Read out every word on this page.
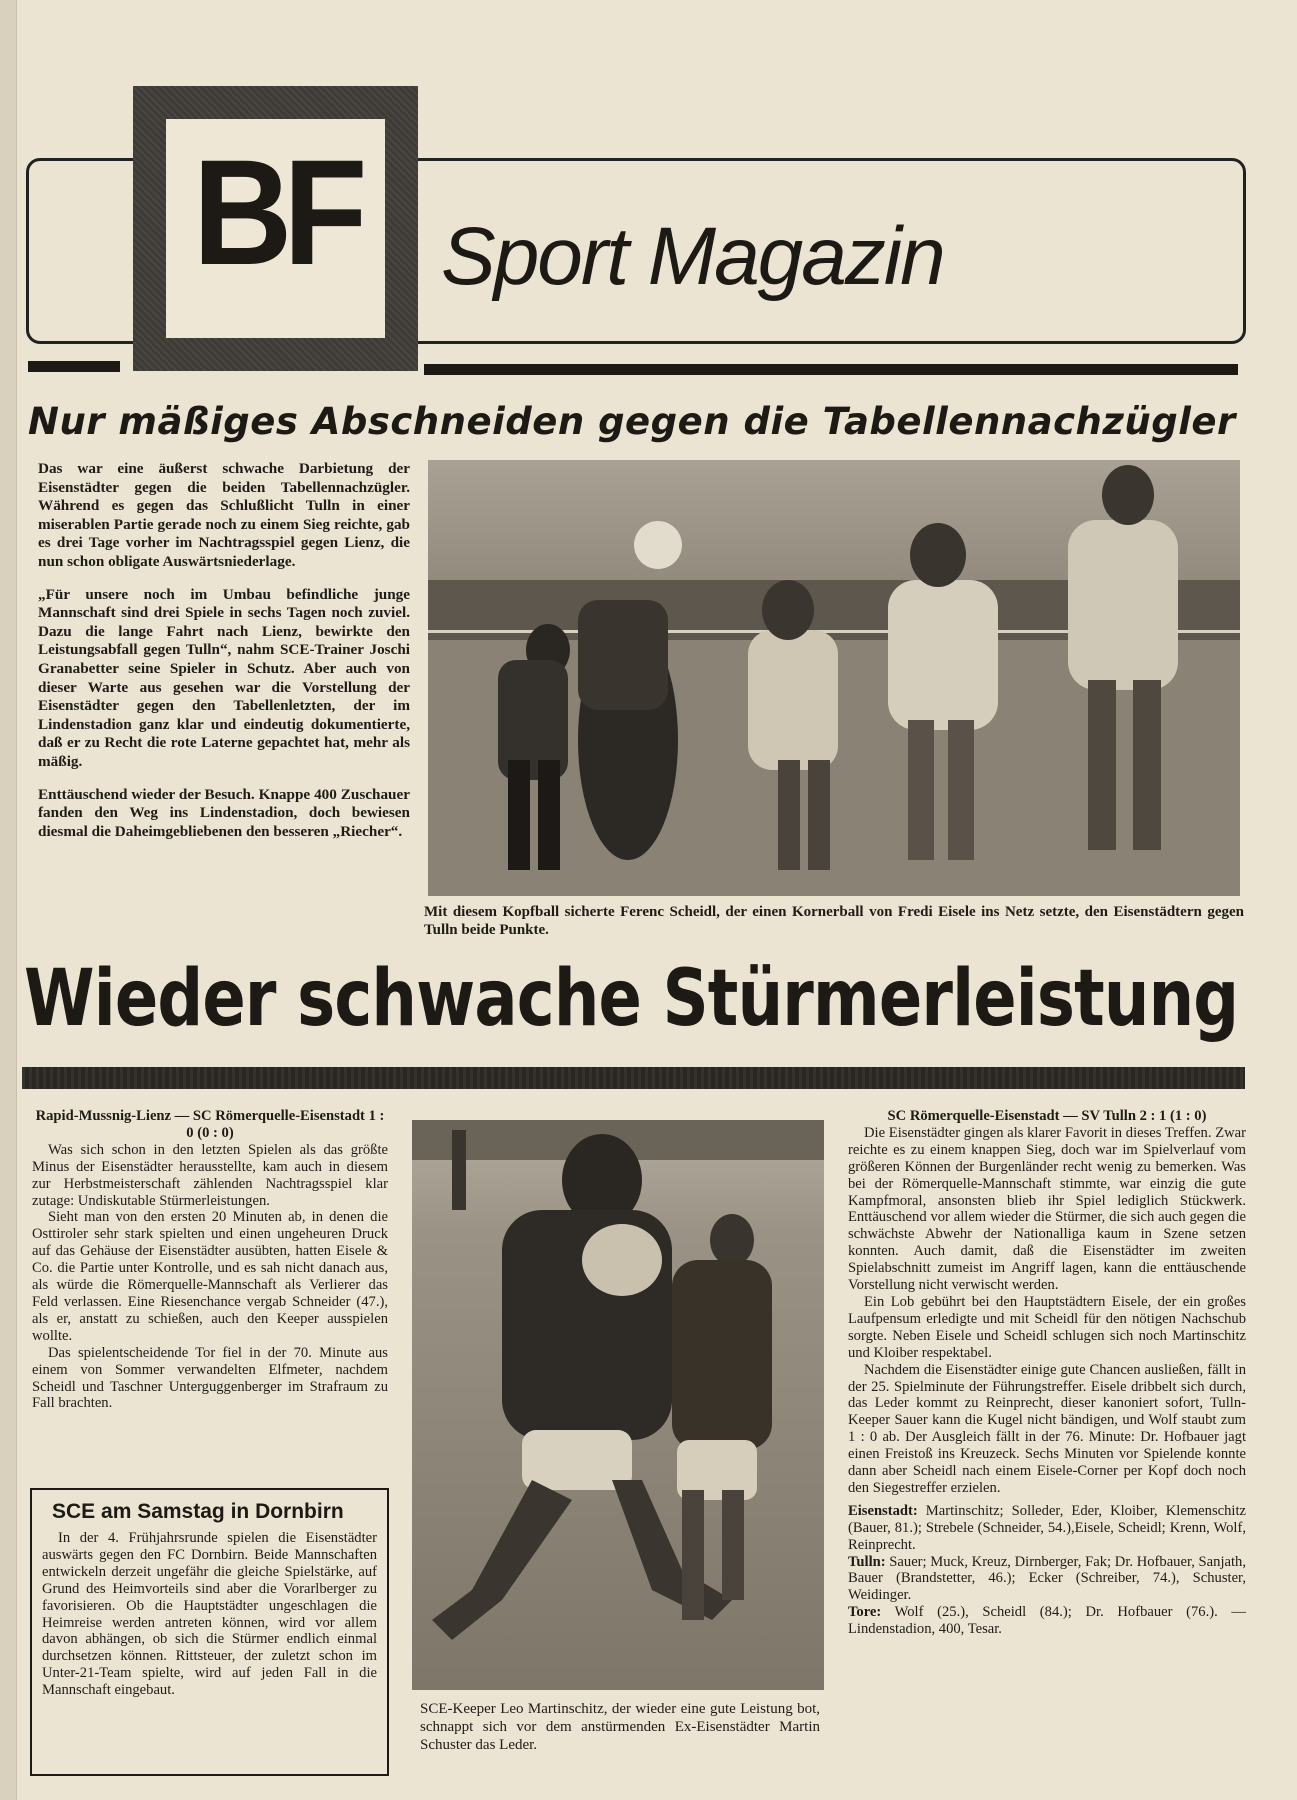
BF Sport Magazin
Nur mäßiges Abschneiden gegen die Tabellennachzügler

Das war eine äußerst schwache Darbietung der Eisenstädter gegen die beiden Tabellennachzügler. Während es gegen das Schlußlicht Tulln in einer miserablen Partie gerade noch zu einem Sieg reichte, gab es drei Tage vorher im Nachtragsspiel gegen Lienz, die nun schon obligate Auswärtsniederlage.

„Für unsere noch im Umbau befindliche junge Mannschaft sind drei Spiele in sechs Tagen noch zuviel. Dazu die lange Fahrt nach Lienz, bewirkte den Leistungsabfall gegen Tulln“, nahm SCE-Trainer Joschi Granabetter seine Spieler in Schutz. Aber auch von dieser Warte aus gesehen war die Vorstellung der Eisenstädter gegen den Tabellenletzten, der im Lindenstadion ganz klar und eindeutig dokumentierte, daß er zu Recht die rote Laterne gepachtet hat, mehr als mäßig.

Enttäuschend wieder der Besuch. Knappe 400 Zuschauer fanden den Weg ins Lindenstadion, doch bewiesen diesmal die Daheimgebliebenen den besseren „Riecher“.

Mit diesem Kopfball sicherte Ferenc Scheidl, der einen Kornerball von Fredi Eisele ins Netz setzte, den Eisenstädtern gegen Tulln beide Punkte.
Wieder schwache Stürmerleistung
Rapid-Mussnig-Lienz — SC Römerquelle-Eisenstadt 1 : 0 (0 : 0)

Was sich schon in den letzten Spielen als das größte Minus der Eisenstädter herausstellte, kam auch in diesem zur Herbstmeisterschaft zählenden Nachtragsspiel klar zutage: Undiskutable Stürmerleistungen.

Sieht man von den ersten 20 Minuten ab, in denen die Osttiroler sehr stark spielten und einen ungeheuren Druck auf das Gehäuse der Eisenstädter ausübten, hatten Eisele & Co. die Partie unter Kontrolle, und es sah nicht danach aus, als würde die Römerquelle-Mannschaft als Verlierer das Feld verlassen. Eine Riesenchance vergab Schneider (47.), als er, anstatt zu schießen, auch den Keeper ausspielen wollte.

Das spielentscheidende Tor fiel in der 70. Minute aus einem von Sommer verwandelten Elfmeter, nachdem Scheidl und Taschner Unterguggenberger im Strafraum zu Fall brachten.

SCE am Samstag in Dornbirn

In der 4. Frühjahrsrunde spielen die Eisenstädter auswärts gegen den FC Dornbirn. Beide Mannschaften entwickeln derzeit ungefähr die gleiche Spielstärke, auf Grund des Heimvorteils sind aber die Vorarlberger zu favorisieren. Ob die Hauptstädter ungeschlagen die Heimreise werden antreten können, wird vor allem davon abhängen, ob sich die Stürmer endlich einmal durchsetzen können. Rittsteuer, der zuletzt schon im Unter-21-Team spielte, wird auf jeden Fall in die Mannschaft eingebaut.

SCE-Keeper Leo Martinschitz, der wieder eine gute Leistung bot, schnappt sich vor dem anstürmenden Ex-Eisenstädter Martin Schuster das Leder.
SC Römerquelle-Eisenstadt — SV Tulln 2 : 1 (1 : 0)

Die Eisenstädter gingen als klarer Favorit in dieses Treffen. Zwar reichte es zu einem knappen Sieg, doch war im Spielverlauf vom größeren Können der Burgenländer recht wenig zu bemerken. Was bei der Römerquelle-Mannschaft stimmte, war einzig die gute Kampfmoral, ansonsten blieb ihr Spiel lediglich Stückwerk. Enttäuschend vor allem wieder die Stürmer, die sich auch gegen die schwächste Abwehr der Nationalliga kaum in Szene setzen konnten. Auch damit, daß die Eisenstädter im zweiten Spielabschnitt zumeist im Angriff lagen, kann die enttäuschende Vorstellung nicht verwischt werden.

Ein Lob gebührt bei den Hauptstädtern Eisele, der ein großes Laufpensum erledigte und mit Scheidl für den nötigen Nachschub sorgte. Neben Eisele und Scheidl schlugen sich noch Martinschitz und Kloiber respektabel.

Nachdem die Eisenstädter einige gute Chancen ausließen, fällt in der 25. Spielminute der Führungstreffer. Eisele dribbelt sich durch, das Leder kommt zu Reinprecht, dieser kanoniert sofort, Tulln-Keeper Sauer kann die Kugel nicht bändigen, und Wolf staubt zum 1 : 0 ab. Der Ausgleich fällt in der 76. Minute: Dr. Hofbauer jagt einen Freistoß ins Kreuzeck. Sechs Minuten vor Spielende konnte dann aber Scheidl nach einem Eisele-Corner per Kopf doch noch den Siegestreffer erzielen.

Eisenstadt: Martinschitz; Solleder, Eder, Kloiber, Klemenschitz (Bauer, 81.); Strebele (Schneider, 54.),Eisele, Scheidl; Krenn, Wolf, Reinprecht.

Tulln: Sauer; Muck, Kreuz, Dirnberger, Fak; Dr. Hofbauer, Sanjath, Bauer (Brandstetter, 46.); Ecker (Schreiber, 74.), Schuster, Weidinger.

Tore: Wolf (25.), Scheidl (84.); Dr. Hofbauer (76.). — Lindenstadion, 400, Tesar.
